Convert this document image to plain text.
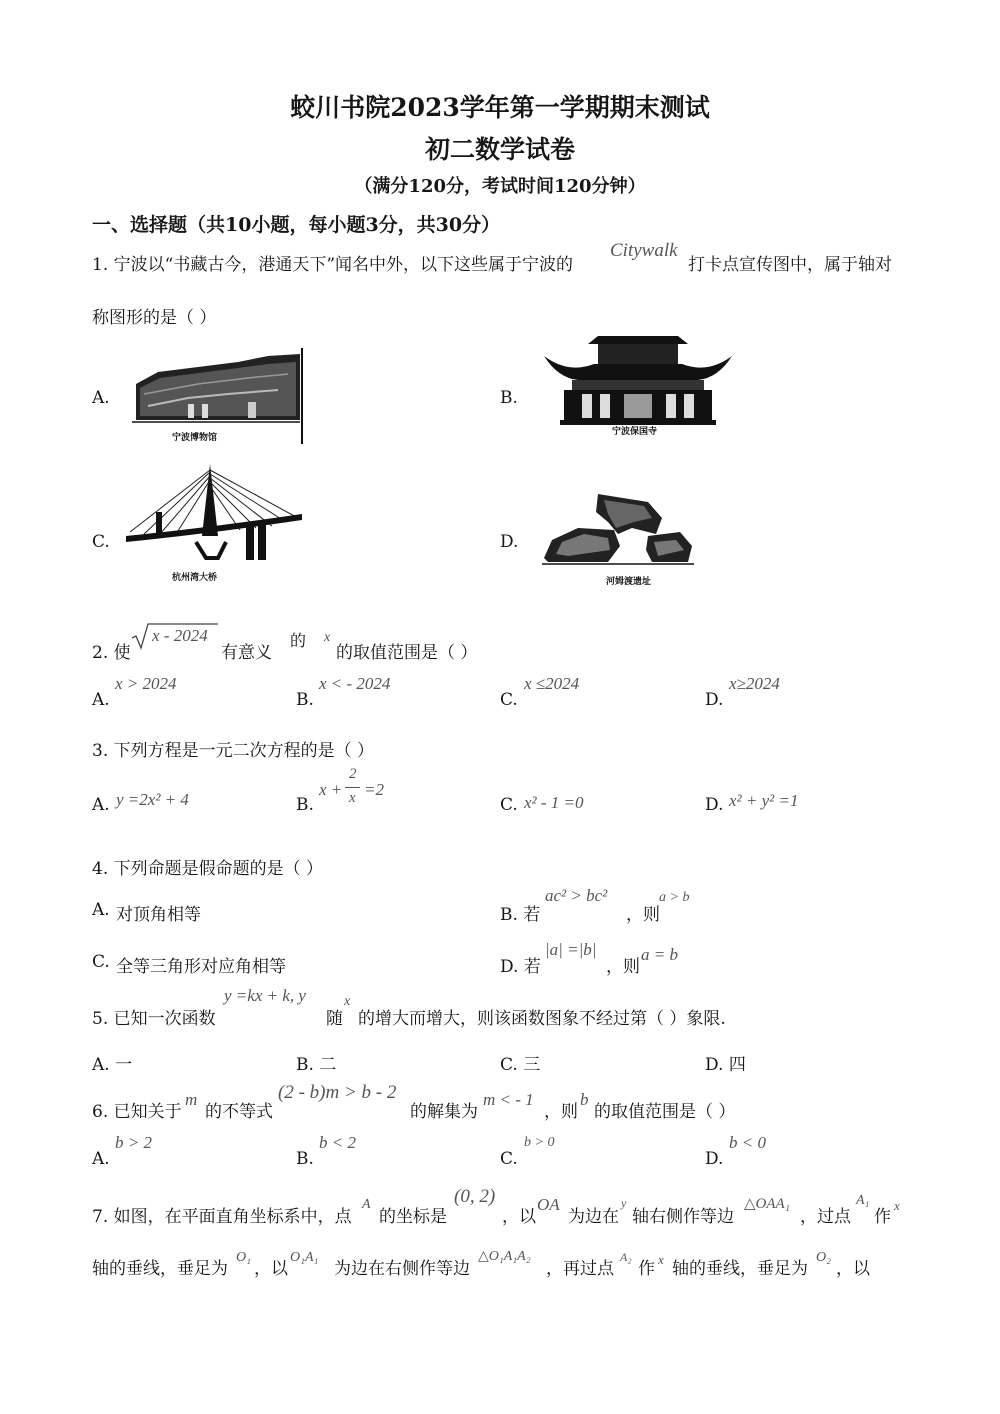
蛟川书院2023学年第一学期期末测试
初二数学试卷
（满分120分，考试时间120分钟）
一、选择题（共10小题，每小题3分，共30分）
1. 宁波以“书藏古今，港通天下”闻名中外，以下这些属于宁波的
Citywalk
打卡点宣传图中，属于轴对
称图形的是（ ）
A.
宁波博物馆
B.
宁波保国寺
C.
杭州湾大桥
D.
河姆渡遗址
2. 使
x - 2024
有意义
的 x
的取值范围是（ ）
A.
x > 2024
B.
x < - 2024
C.
x ≤2024
D.
x≥2024
3. 下列方程是一元二次方程的是（ ）
A. y =2x² + 4	B.
x +
2
x =2
C. x² - 1 =0	D. x² + y² =1
4. 下列命题是假命题的是（ ）
A. 对顶角相等	B. 若
ac² > bc²
，则
a > b
C. 全等三角形对应角相等	D. 若
|a| =|b|
，则
a = b
5. 已知一次函数
y =kx + k, y
随
x
的增大而增大，则该函数图象不经过第（ ）象限.
A. 一	B. 二	C. 三	D. 四
6. 已知关于
m
的不等式
(2 - b)m > b - 2
的解集为
m < - 1
，则
b
的取值范围是（ ）
A.
b > 2
B.
b < 2
C.
b > 0
D.
b < 0
7. 如图，在平面直角坐标系中，点
A
的坐标是
(0, 2)
，以
OA
为边在
y
轴右侧作等边
△OAA₁
，过点
A₁
作
x
轴的垂线，垂足为
O₁
，以
O₁A₁
为边在右侧作等边
△O₁A₁A₂
，再过点
A₂
作 x 轴的垂线，垂足为
O₂
，以
